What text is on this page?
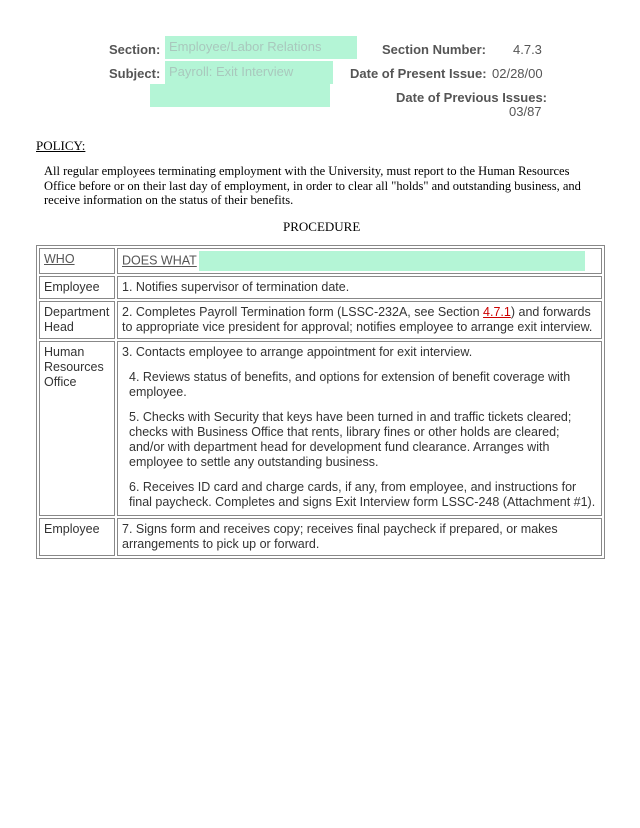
Section: Employee/Labor Relations	Section Number: 4.7.3
Subject: Payroll: Exit Interview	Date of Present Issue: 02/28/00
Date of Previous Issues:
03/87
POLICY:
All regular employees terminating employment with the University, must report to the Human Resources Office before or on their last day of employment, in order to clear all "holds" and outstanding business, and receive information on the status of their benefits.
PROCEDURE
WHO	DOES WHAT
Employee	1. Notifies supervisor of termination date.
Department Head	2. Completes Payroll Termination form (LSSC-232A, see Section 4.7.1) and forwards to appropriate vice president for approval; notifies employee to arrange exit interview.
Human Resources Office	3. Contacts employee to arrange appointment for exit interview.
4. Reviews status of benefits, and options for extension of benefit coverage with employee.
5. Checks with Security that keys have been turned in and traffic tickets cleared; checks with Business Office that rents, library fines or other holds are cleared; and/or with department head for development fund clearance. Arranges with employee to settle any outstanding business.
6. Receives ID card and charge cards, if any, from employee, and instructions for final paycheck. Completes and signs Exit Interview form LSSC-248 (Attachment #1).

Employee	7. Signs form and receives copy; receives final paycheck if prepared, or makes arrangements to pick up or forward.
